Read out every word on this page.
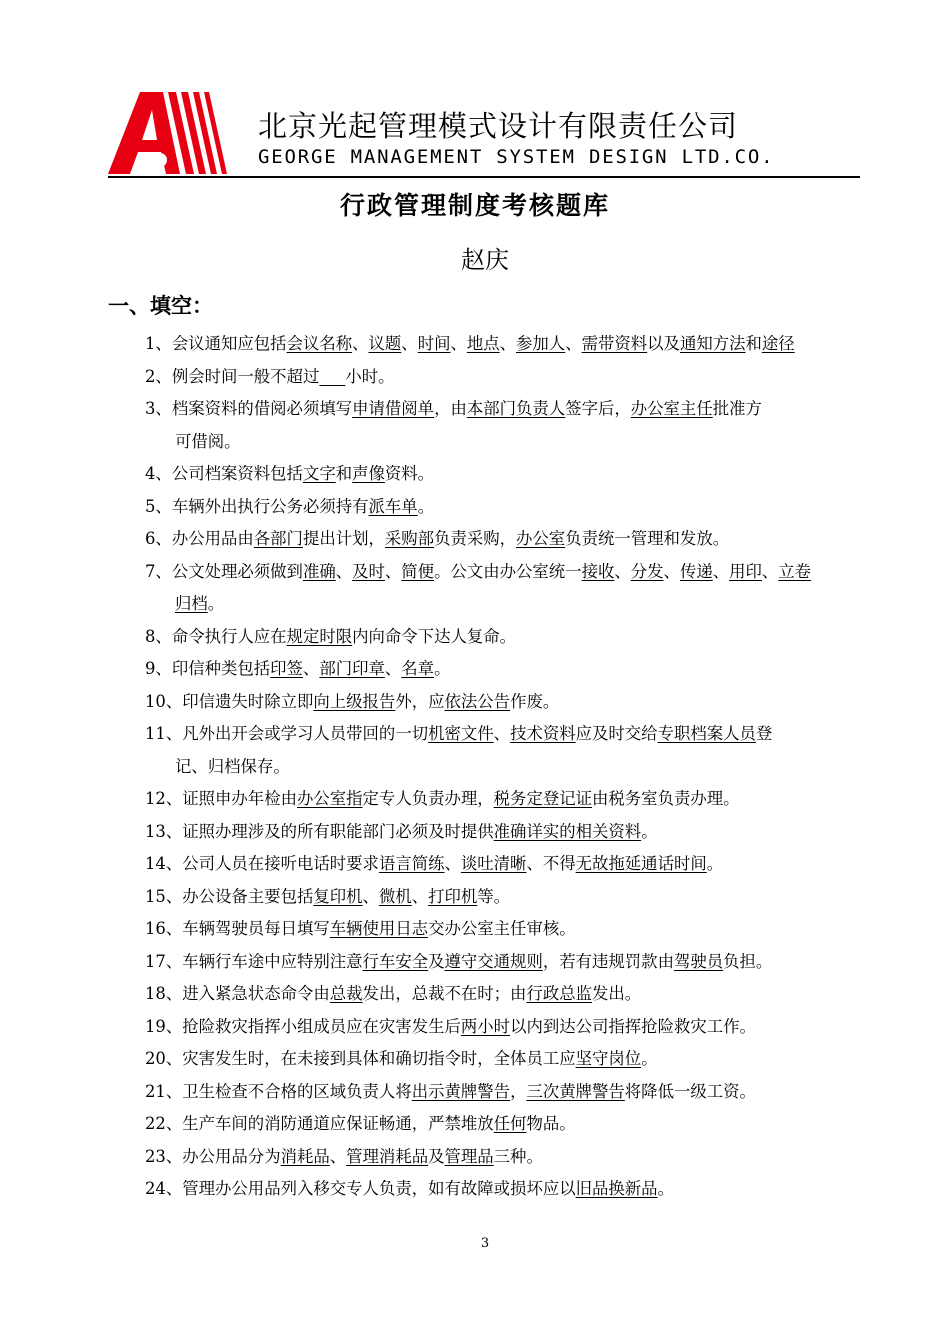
北京光起管理模式设计有限责任公司
GEORGE MANAGEMENT SYSTEM DESIGN LTD.CO.
行政管理制度考核题库
赵庆
一、填空：
1、会议通知应包括会议名称、议题、时间、地点、参加人、需带资料以及通知方法和途径
2、例会时间一般不超过 小时。
3、档案资料的借阅必须填写申请借阅单，由本部门负责人签字后，办公室主任批准方
可借阅。
4、公司档案资料包括文字和声像资料。
5、车辆外出执行公务必须持有派车单。
6、办公用品由各部门提出计划，采购部负责采购，办公室负责统一管理和发放。
7、公文处理必须做到准确、及时、简便。公文由办公室统一接收、分发、传递、用印、立卷
归档。
8、命令执行人应在规定时限内向命令下达人复命。
9、印信种类包括印签、部门印章、名章。
10、印信遗失时除立即向上级报告外，应依法公告作废。
11、凡外出开会或学习人员带回的一切机密文件、技术资料应及时交给专职档案人员登
记、归档保存。
12、证照申办年检由办公室指定专人负责办理，税务定登记证由税务室负责办理。
13、证照办理涉及的所有职能部门必须及时提供准确详实的相关资料。
14、公司人员在接听电话时要求语言简练、谈吐清晰、不得无故拖延通话时间。
15、办公设备主要包括复印机、微机、打印机等。
16、车辆驾驶员每日填写车辆使用日志交办公室主任审核。
17、车辆行车途中应特别注意行车安全及遵守交通规则，若有违规罚款由驾驶员负担。
18、进入紧急状态命令由总裁发出，总裁不在时；由行政总监发出。
19、抢险救灾指挥小组成员应在灾害发生后两小时以内到达公司指挥抢险救灾工作。
20、灾害发生时，在未接到具体和确切指令时，全体员工应坚守岗位。
21、卫生检查不合格的区域负责人将出示黄牌警告，三次黄牌警告将降低一级工资。
22、生产车间的消防通道应保证畅通，严禁堆放任何物品。
23、办公用品分为消耗品、管理消耗品及管理品三种。
24、管理办公用品列入移交专人负责，如有故障或损坏应以旧品换新品。
3
